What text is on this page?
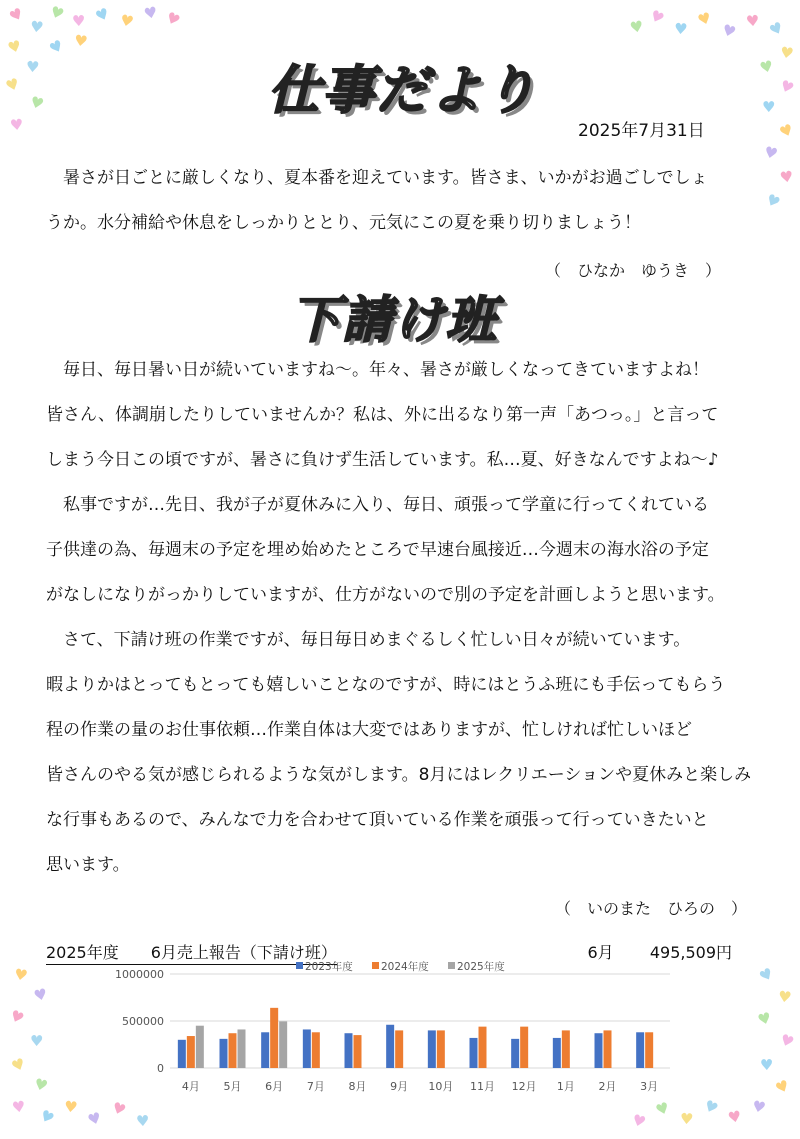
♥
♥
♥
♥ ♥ ♥ ♥ ♥ ♥
♥
♥
♥
♥
♥ ♥
♥ ♥
♥ ♥
♥ ♥ ♥
♥
♥
♥
♥
♥
♥
♥
♥
♥
♥
♥
♥
♥
♥
♥ ♥ ♥
♥ ♥
♥
♥
♥
♥
♥
♥
♥
♥
♥
♥
♥
♥
♥
仕事だより
2025年7月31日

　暑さが日ごとに厳しくなり、夏本番を迎えています。皆さま、いかがお過ごしでしょ

うか。水分補給や休息をしっかりととり、元気にこの夏を乗り切りましょう！

（　ひなか　ゆうき　）
下請け班

　毎日、毎日暑い日が続いていますね～。年々、暑さが厳しくなってきていますよね！

皆さん、体調崩したりしていませんか？私は、外に出るなり第一声「あつっ。」と言って

しまう今日この頃ですが、暑さに負けず生活しています。私…夏、好きなんですよね～♪

　私事ですが…先日、我が子が夏休みに入り、毎日、頑張って学童に行ってくれている

子供達の為、毎週末の予定を埋め始めたところで早速台風接近…今週末の海水浴の予定

がなしになりがっかりしていますが、仕方がないので別の予定を計画しようと思います。

　さて、下請け班の作業ですが、毎日毎日めまぐるしく忙しい日々が続いています。

暇よりかはとってもとっても嬉しいことなのですが、時にはとうふ班にも手伝ってもらう

程の作業の量のお仕事依頼…作業自体は大変ではありますが、忙しければ忙しいほど

皆さんのやる気が感じられるような気がします。8月にはレクリエーションや夏休みと楽しみ

な行事もあるので、みんなで力を合わせて頂いている作業を頑張って行っていきたいと

思います。

（　いのまた　ひろの　）
2025年度　　6月売上報告（下請け班）	6月 495,509円
0
500000
1000000
2023年度	2024年度	2025年度
4月 5月 6月 7月 8月 9月 10月 11月 12月 1月 2月 3月
